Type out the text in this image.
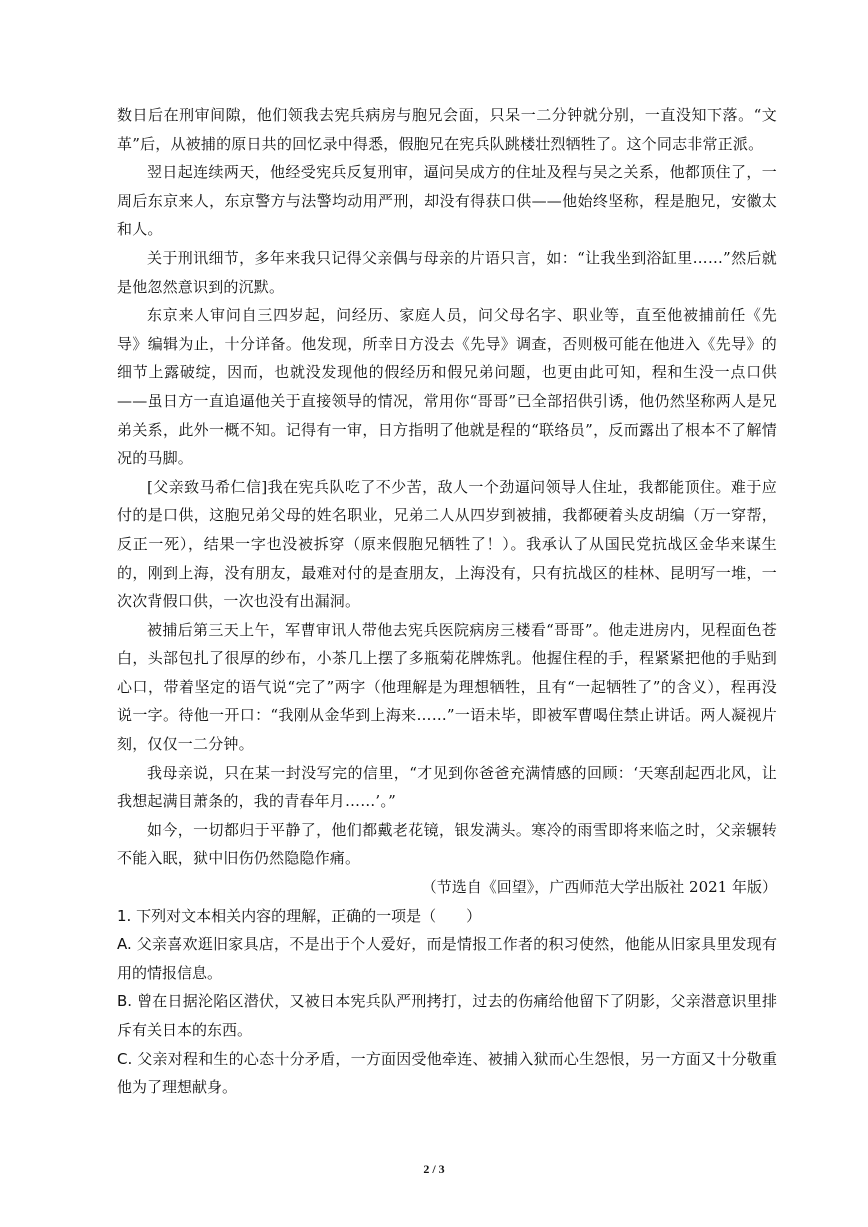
数日后在刑审间隙，他们领我去宪兵病房与胞兄会面，只呆一二分钟就分别，一直没知下落。“文革”后，从被捕的原日共的回忆录中得悉，假胞兄在宪兵队跳楼壮烈牺牲了。这个同志非常正派。

翌日起连续两天，他经受宪兵反复刑审，逼问吴成方的住址及程与吴之关系，他都顶住了，一周后东京来人，东京警方与法警均动用严刑，却没有得获口供——他始终坚称，程是胞兄，安徽太和人。

关于刑讯细节，多年来我只记得父亲偶与母亲的片语只言，如：“让我坐到浴缸里……”然后就是他忽然意识到的沉默。

东京来人审问自三四岁起，问经历、家庭人员，问父母名字、职业等，直至他被捕前任《先导》编辑为止，十分详备。他发现，所幸日方没去《先导》调查，否则极可能在他进入《先导》的细节上露破绽，因而，也就没发现他的假经历和假兄弟问题，也更由此可知，程和生没一点口供——虽日方一直追逼他关于直接领导的情况，常用你“哥哥”已全部招供引诱，他仍然坚称两人是兄弟关系，此外一概不知。记得有一审，日方指明了他就是程的“联络员”，反而露出了根本不了解情况的马脚。

[父亲致马希仁信]我在宪兵队吃了不少苦，敌人一个劲逼问领导人住址，我都能顶住。难于应付的是口供，这胞兄弟父母的姓名职业，兄弟二人从四岁到被捕，我都硬着头皮胡编（万一穿帮，反正一死），结果一字也没被拆穿（原来假胞兄牺牲了！）。我承认了从国民党抗战区金华来谋生的，刚到上海，没有朋友，最难对付的是查朋友，上海没有，只有抗战区的桂林、昆明写一堆，一次次背假口供，一次也没有出漏洞。

被捕后第三天上午，军曹审讯人带他去宪兵医院病房三楼看“哥哥”。他走进房内，见程面色苍白，头部包扎了很厚的纱布，小茶几上摆了多瓶菊花牌炼乳。他握住程的手，程紧紧把他的手贴到心口，带着坚定的语气说“完了”两字（他理解是为理想牺牲，且有“一起牺牲了”的含义），程再没说一字。待他一开口：“我刚从金华到上海来……”一语未毕，即被军曹喝住禁止讲话。两人凝视片刻，仅仅一二分钟。

我母亲说，只在某一封没写完的信里，“才见到你爸爸充满情感的回顾：‘天寒刮起西北风，让我想起满目萧条的，我的青春年月……’。”

如今，一切都归于平静了，他们都戴老花镜，银发满头。寒冷的雨雪即将来临之时，父亲辗转不能入眠，狱中旧伤仍然隐隐作痛。

（节选自《回望》，广西师范大学出版社 2021 年版）

1. 下列对文本相关内容的理解，正确的一项是（　　）

A. 父亲喜欢逛旧家具店，不是出于个人爱好，而是情报工作者的积习使然，他能从旧家具里发现有用的情报信息。

B. 曾在日据沦陷区潜伏，又被日本宪兵队严刑拷打，过去的伤痛给他留下了阴影，父亲潜意识里排斥有关日本的东西。

C. 父亲对程和生的心态十分矛盾，一方面因受他牵连、被捕入狱而心生怨恨，另一方面又十分敬重他为了理想献身。

2 / 3
